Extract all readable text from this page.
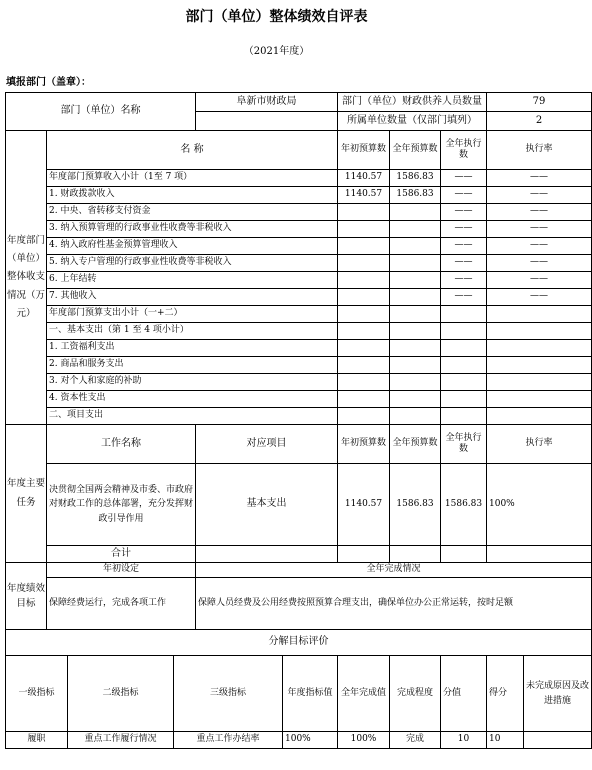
部门（单位）整体绩效自评表
（2021年度）
填报部门（盖章）：
部门（单位）名称				阜新市财政局		部门（单位）财政供养人员数量			79	
						所属单位数量（仅部门填列）			2	
年度部门（单位）整体收支情况（万元）	名 称					年初预算数	全年预算数	全年执行数	执行率	
	年度部门预算收入小计（1至 7 项）					1140.57	1586.83	——	——	
	1. 财政拨款收入					1140.57	1586.83	——	——	
	2. 中央、省转移支付资金							——	——	
	3. 纳入预算管理的行政事业性收费等非税收入							——	——	
	4. 纳入政府性基金预算管理收入							——	——	
	5. 纳入专户管理的行政事业性收费等非税收入							——	——	
	6. 上年结转							——	——	
	7. 其他收入							——	——	
	年度部门预算支出小计（一+二）									
	一、基本支出（第 1 至 4 项小计）									
	1. 工资福利支出									
	2. 商品和服务支出									
	3. 对个人和家庭的补助									
	4. 资本性支出									
	二、项目支出									
年度主要任务	工作名称			对应项目		年初预算数	全年预算数	全年执行数	执行率	
	决贯彻全国两会精神及市委、市政府对财政工作的总体部署，充分发挥财政引导作用			基本支出		1140.57	1586.83	1586.83	100%	
	合计									
年度绩效目标	年初设定			全年完成情况						
	保障经费运行，完成各项工作			保障人员经费及公用经费按照预算合理支出，确保单位办公正常运转，按时足额						
分解目标评价										
一级指标		二级指标	三级指标		年度指标值	全年完成值	完成程度	分值	得分	未完成原因及改进措施
履职		重点工作履行情况	重点工作办结率		100%	100%	完成	10	10	
